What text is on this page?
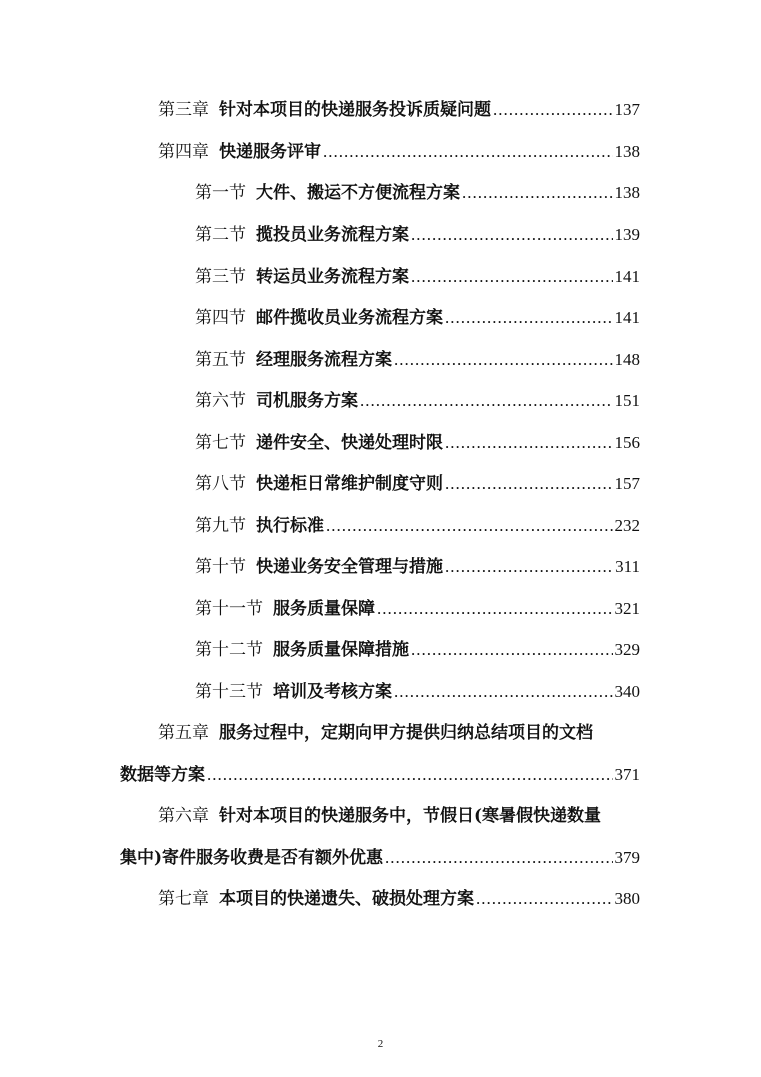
第三章 针对本项目的快递服务投诉质疑问题 .....	137
第四章 快递服务评审 .....	138
第一节 大件、搬运不方便流程方案 .....	138
第二节 揽投员业务流程方案 .....	139
第三节 转运员业务流程方案 .....	141
第四节 邮件揽收员业务流程方案 .....	141
第五节 经理服务流程方案 .....	148
第六节 司机服务方案 .....	151
第七节 递件安全、快递处理时限 .....	156
第八节 快递柜日常维护制度守则 .....	157
第九节 执行标准 .....	232
第十节 快递业务安全管理与措施 .....	311
第十一节 服务质量保障 .....	321
第十二节 服务质量保障措施 .....	329
第十三节 培训及考核方案 .....	340
第五章 服务过程中，定期向甲方提供归纳总结项目的文档
数据等方案 .....	371
第六章 针对本项目的快递服务中，节假日(寒暑假快递数量
集中)寄件服务收费是否有额外优惠 .....	379
第七章 本项目的快递遗失、破损处理方案 .....	380
2
